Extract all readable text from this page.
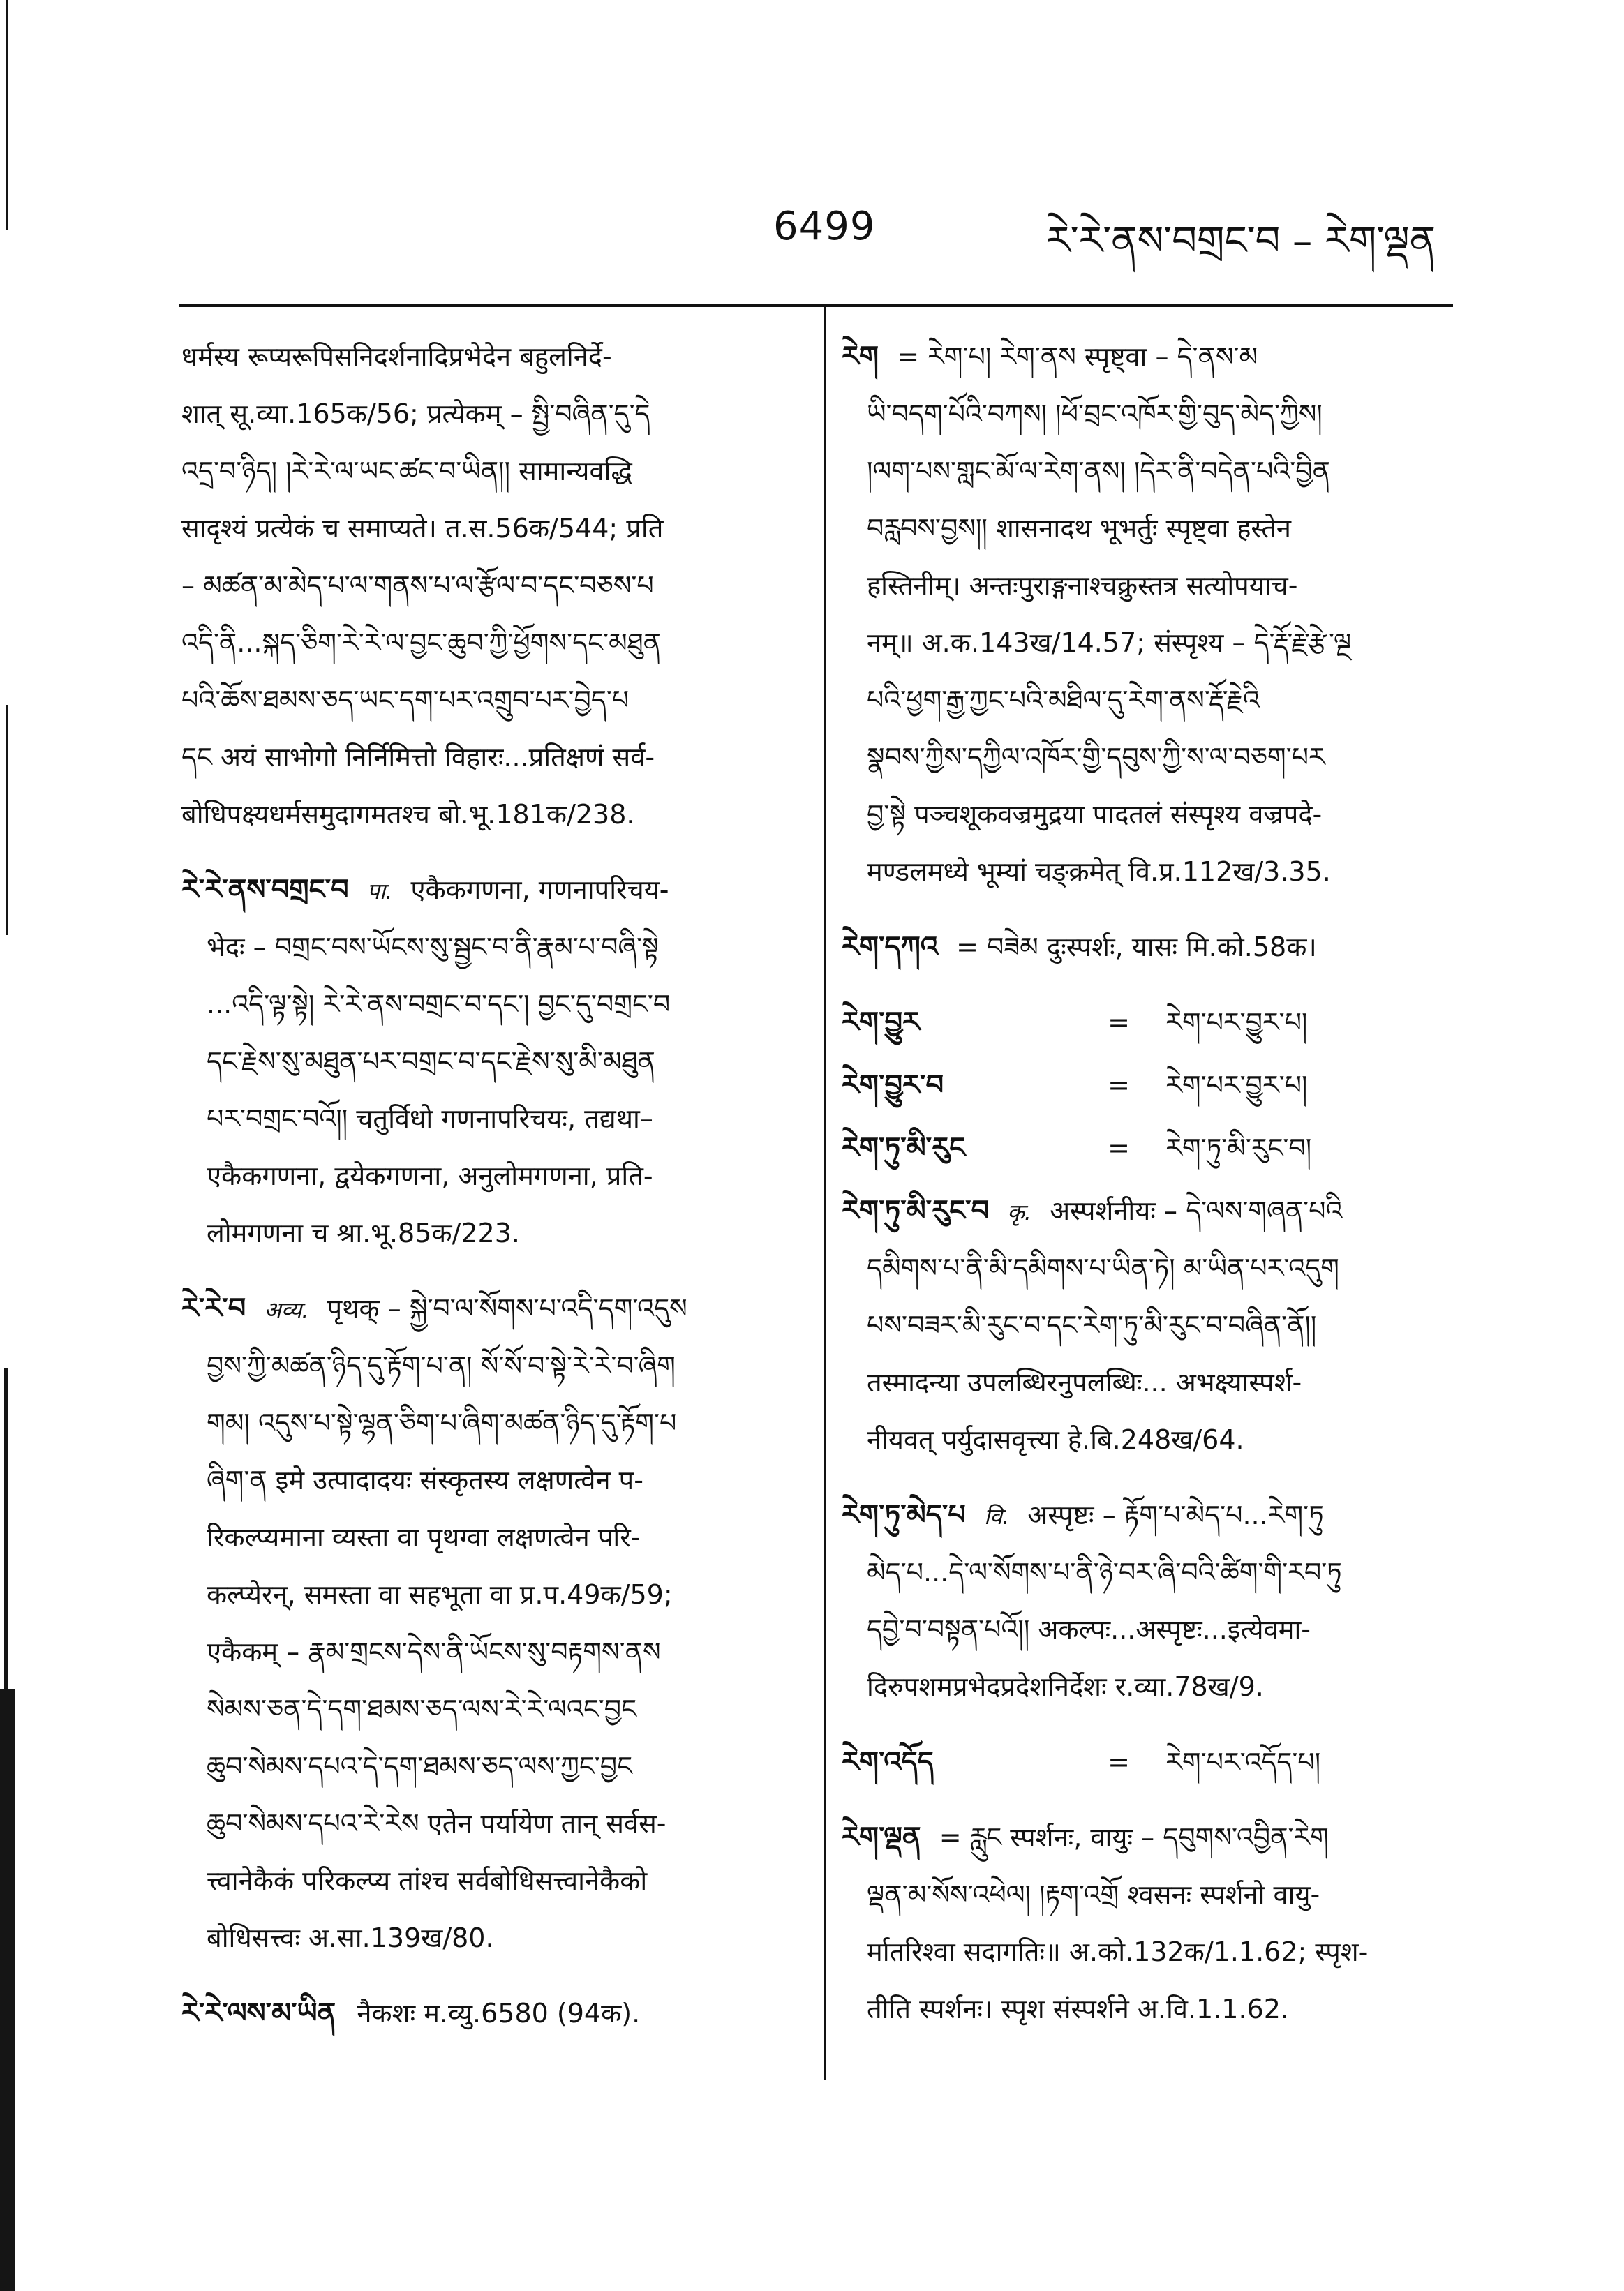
6499	རེ་རེ་ནས་བགྲང་བ – རེག་ལྡན
धर्मस्य रूप्यरूपिसनिदर्शनादिप्रभेदेन बहुलनिर्दे-
शात् सू.व्या.165क/56; प्रत्येकम् – སྤྱི་བཞིན་དུ་དེ
འདྲ་བ་ཉིད། །རེ་རེ་ལ་ཡང་ཚང་བ་ཡིན།། सामान्यवद्धि
सादृश्यं प्रत्येकं च समाप्यते। त.स.56क/544; प्रति
– མཚན་མ་མེད་པ་ལ་གནས་པ་ལ་རྩོལ་བ་དང་བཅས་པ
འདི་ནི...སྐད་ཅིག་རེ་རེ་ལ་བྱང་ཆུབ་ཀྱི་ཕྱོགས་དང་མཐུན
པའི་ཆོས་ཐམས་ཅད་ཡང་དག་པར་འགྲུབ་པར་བྱེད་པ
དང अयं साभोगो निर्निमित्तो विहारः...प्रतिक्षणं सर्व-
बोधिपक्ष्यधर्मसमुदागमतश्च बो.भू.181क/238.
རེ་རེ་ནས་བགྲང་བ पा. एकैकगणना, गणनापरिचय-
भेदः – བགྲང་བས་ཡོངས་སུ་སྦྱང་བ་ནི་རྣམ་པ་བཞི་སྟེ
...འདི་ལྟ་སྟེ། རེ་རེ་ནས་བགྲང་བ་དང་། བྱང་དུ་བགྲང་བ
དང་རྗེས་སུ་མཐུན་པར་བགྲང་བ་དང་རྗེས་སུ་མི་མཐུན
པར་བགྲང་བའོ།། चतुर्विधो गणनापरिचयः, तद्यथा–
एकैकगणना, द्वयेकगणना, अनुलोमगणना, प्रति-
लोमगणना च श्रा.भू.85क/223.
རེ་རེ་བ अव्य. पृथक् – སྐྱེ་བ་ལ་སོགས་པ་འདི་དག་འདུས
བྱས་ཀྱི་མཚན་ཉིད་དུ་རྟོག་པ་ན། སོ་སོ་བ་སྟེ་རེ་རེ་བ་ཞིག
གམ། འདུས་པ་སྟེ་ལྷན་ཅིག་པ་ཞིག་མཚན་ཉིད་དུ་རྟོག་པ
ཞིག་ན इमे उत्पादादयः संस्कृतस्य लक्षणत्वेन प-
रिकल्प्यमाना व्यस्ता वा पृथग्वा लक्षणत्वेन परि-
कल्प्येरन्, समस्ता वा सहभूता वा प्र.प.49क/59;
एकैकम् – རྣམ་གྲངས་དེས་ནི་ཡོངས་སུ་བརྟགས་ནས
སེམས་ཅན་དེ་དག་ཐམས་ཅད་ལས་རེ་རེ་ལའང་བྱང
ཆུབ་སེམས་དཔའ་དེ་དག་ཐམས་ཅད་ལས་ཀྱང་བྱང
ཆུབ་སེམས་དཔའ་རེ་རེས एतेन पर्यायेण तान् सर्वस-
त्त्वानेकैकं परिकल्प्य तांश्च सर्वबोधिसत्त्वानेकैको
बोधिसत्त्वः अ.सा.139ख/80.
རེ་རེ་ལས་མ་ཡིན नैकशः म.व्यु.6580 (94क).
རེག = རེག་པ། རེག་ནས स्पृष्ट्वा – དེ་ནས་མ
ཡི་བདག་པོའི་བཀས། །ཕོ་བྲང་འཁོར་གྱི་བུད་མེད་ཀྱིས།
།ལག་པས་གླང་མོ་ལ་རེག་ནས། །དེར་ནི་བདེན་པའི་བྱིན
བརླབས་བྱས།། शासनादथ भूभर्तुः स्पृष्ट्वा हस्तेन
हस्तिनीम्। अन्तःपुराङ्गनाश्चक्रुस्तत्र सत्योपयाच-
नम्॥ अ.क.143ख/14.57; संस्पृश्य – དེ་རྡོ་རྗེ་རྩེ་ལྔ
པའི་ཕྱག་རྒྱ་ཀྱང་པའི་མཐིལ་དུ་རེག་ནས་རྡོ་རྗེའི
སྣབས་ཀྱིས་དཀྱིལ་འཁོར་གྱི་དབུས་ཀྱི་ས་ལ་བཅག་པར
བྱ་སྟེ पञ्चशूकवज्रमुद्रया पादतलं संस्पृश्य वज्रपदे-
मण्डलमध्ये भूम्यां चङ्क्रमेत् वि.प्र.112ख/3.35.
རེག་དཀའ = བཟེམ दुःस्पर्शः, यासः मि.को.58क।
རེག་བྱུར	= རེག་པར་བྱུར་པ།
རེག་བྱུར་བ	= རེག་པར་བྱུར་པ།
རེག་ཏུ་མི་རུང	= རེག་ཏུ་མི་རུང་བ།
རེག་ཏུ་མི་རུང་བ कृ. अस्पर्शनीयः – དེ་ལས་གཞན་པའི
དམིགས་པ་ནི་མི་དམིགས་པ་ཡིན་ཏེ། མ་ཡིན་པར་འདུག
པས་བཟར་མི་རུང་བ་དང་རེག་ཏུ་མི་རུང་བ་བཞིན་ནོ།།
तस्मादन्या उपलब्धिरनुपलब्धिः... अभक्ष्यास्पर्श-
नीयवत् पर्युदासवृत्त्या हे.बि.248ख/64.
རེག་ཏུ་མེད་པ वि. अस्पृष्टः – རྟོག་པ་མེད་པ...རེག་ཏུ
མེད་པ...དེ་ལ་སོགས་པ་ནི་ཉེ་བར་ཞི་བའི་ཚིག་གི་རབ་ཏུ
དབྱེ་བ་བསྟན་པའོ།། अकल्पः...अस्पृष्टः...इत्येवमा-
दिरुपशमप्रभेदप्रदेशनिर्देशः र.व्या.78ख/9.
རེག་འདོད	= རེག་པར་འདོད་པ།
རེག་ལྡན = རླུང स्पर्शनः, वायुः – དབུགས་འབྱིན་རེག
ལྡན་མ་སོས་འཕེལ། །རྟག་འགྲོ श्वसनः स्पर्शनो वायु-
र्मातरिश्वा सदागतिः॥ अ.को.132क/1.1.62; स्पृश-
तीति स्पर्शनः। स्पृश संस्पर्शने अ.वि.1.1.62.
